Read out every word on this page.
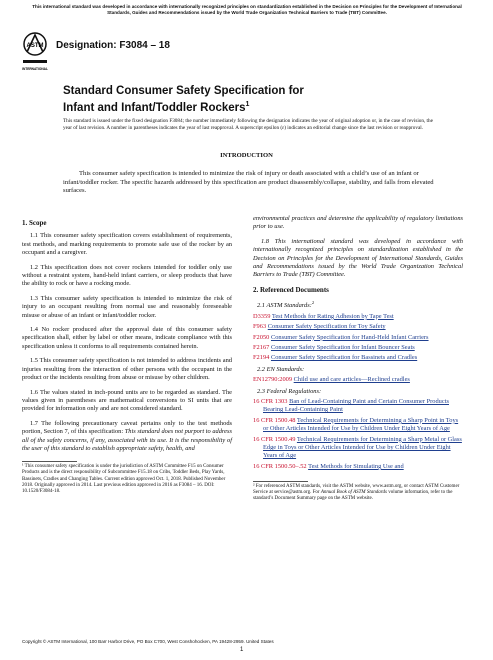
This international standard was developed in accordance with internationally recognized principles on standardization established in the Decision on Principles for the Development of International Standards, Guides and Recommendations issued by the World Trade Organization Technical Barriers to Trade (TBT) Committee.
ASTM
INTERNATIONAL
Designation: F3084 – 18
Standard Consumer Safety Specification for
Infant and Infant/Toddler Rockers$^1$
This standard is issued under the fixed designation F3084; the number immediately following the designation indicates the year of original adoption or, in the case of revision, the year of last revision. A number in parentheses indicates the year of last reapproval. A superscript epsilon (ε) indicates an editorial change since the last revision or reapproval.
INTRODUCTION
This consumer safety specification is intended to minimize the risk of injury or death associated with a child’s use of an infant or infant/toddler rocker. The specific hazards addressed by this specification are product disassembly/collapse, stability, and falls from elevated surfaces.
1. Scope

1.1 This consumer safety specification covers establishment of requirements, test methods, and marking requirements to promote safe use of the rocker by an occupant and a caregiver.

1.2 This specification does not cover rockers intended for toddler only use without a restraint system, hand-held infant carriers, or sleep products that have the ability to rock or have a rocking mode.

1.3 This consumer safety specification is intended to minimize the risk of injury to an occupant resulting from normal use and reasonably foreseeable misuse or abuse of an infant or infant/toddler rocker.

1.4 No rocker produced after the approval date of this consumer safety specification shall, either by label or other means, indicate compliance with this specification unless it conforms to all requirements contained herein.

1.5 This consumer safety specification is not intended to address incidents and injuries resulting from the interaction of other persons with the occupant in the product or the incidents resulting from abuse or misuse by other children.

1.6 The values stated in inch-pound units are to be regarded as standard. The values given in parentheses are mathematical conversions to SI units that are provided for information only and are not considered standard.

1.7 The following precautionary caveat pertains only to the test methods portion, Section 7, of this specification: This standard does not purport to address all of the safety concerns, if any, associated with its use. It is the responsibility of the user of this standard to establish appropriate safety, health, and

¹ This consumer safety specification is under the jurisdiction of ASTM Committee F15 on Consumer Products and is the direct responsibility of Subcommittee F15.18 on Cribs, Toddler Beds, Play Yards, Bassinets, Cradles and Changing Tables. Current edition approved Oct. 1, 2018. Published November 2018. Originally approved in 2014. Last previous edition approved in 2016 as F3084 – 16. DOI: 10.1520/F3084-18.

environmental practices and determine the applicability of regulatory limitations prior to use.

1.8 This international standard was developed in accordance with internationally recognized principles on standardization established in the Decision on Principles for the Development of International Standards, Guides and Recommendations issued by the World Trade Organization Technical Barriers to Trade (TBT) Committee.

2. Referenced Documents
2.1 ASTM Standards:$^2$
D3359 Test Methods for Rating Adhesion by Tape Test
F963 Consumer Safety Specification for Toy Safety
F2050 Consumer Safety Specification for Hand-Held Infant Carriers
F2167 Consumer Safety Specification for Infant Bouncer Seats
F2194 Consumer Safety Specification for Bassinets and Cradles
2.2 EN Standards:
EN12790:2009 Child use and care articles—Reclined cradles
2.3 Federal Regulations:
16 CFR 1303 Ban of Lead-Containing Paint and Certain Consumer Products Bearing Lead-Containing Paint
16 CFR 1500.48 Technical Requirements for Determining a Sharp Point in Toys or Other Articles Intended for Use by Children Under Eight Years of Age
16 CFR 1500.49 Technical Requirements for Determining a Sharp Metal or Glass Edge in Toys or Other Articles Intended for Use by Children Under Eight Years of Age
16 CFR 1500.50–.52 Test Methods for Simulating Use and
² For referenced ASTM standards, visit the ASTM website, www.astm.org, or contact ASTM Customer Service at service@astm.org. For Annual Book of ASTM Standards volume information, refer to the standard’s Document Summary page on the ASTM website.
Copyright © ASTM International, 100 Barr Harbor Drive, PO Box C700, West Conshohocken, PA 19428-2959. United States
1
